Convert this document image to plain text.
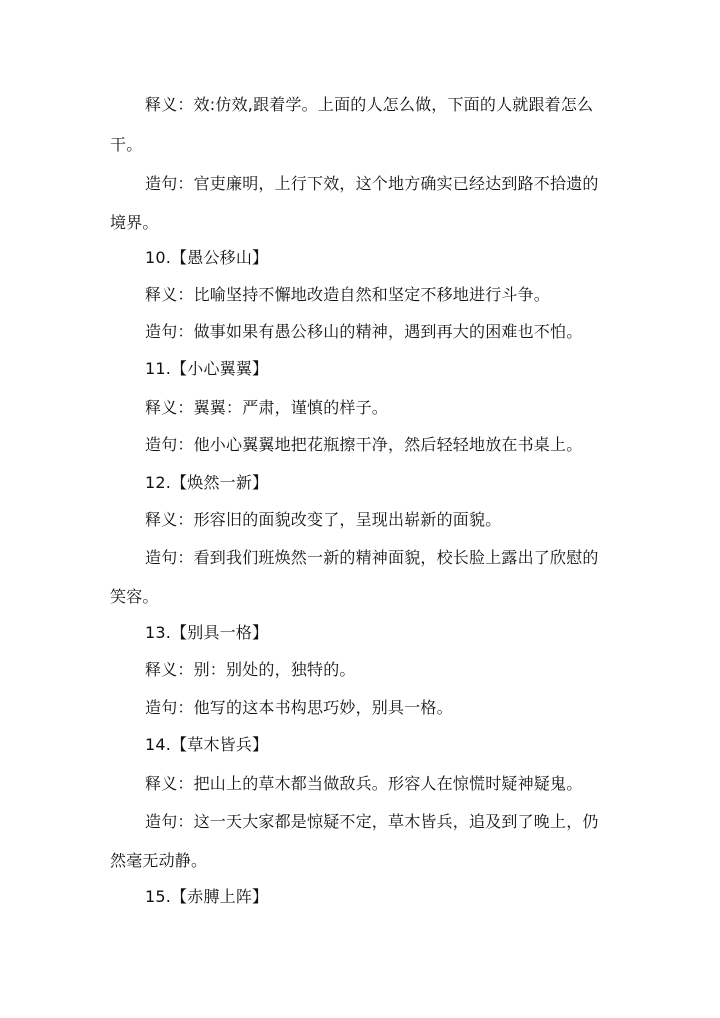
释义：效:仿效,跟着学。上面的人怎么做，下面的人就跟着怎么
干。
造句：官吏廉明，上行下效，这个地方确实已经达到路不拾遗的
境界。
10.【愚公移山】
释义：比喻坚持不懈地改造自然和坚定不移地进行斗争。
造句：做事如果有愚公移山的精神，遇到再大的困难也不怕。
11.【小心翼翼】
释义：翼翼：严肃，谨慎的样子。
造句：他小心翼翼地把花瓶擦干净，然后轻轻地放在书桌上。
12.【焕然一新】
释义：形容旧的面貌改变了，呈现出崭新的面貌。
造句：看到我们班焕然一新的精神面貌，校长脸上露出了欣慰的
笑容。
13.【别具一格】
释义：别：别处的，独特的。
造句：他写的这本书构思巧妙，别具一格。
14.【草木皆兵】
释义：把山上的草木都当做敌兵。形容人在惊慌时疑神疑鬼。
造句：这一天大家都是惊疑不定，草木皆兵，追及到了晚上，仍
然毫无动静。
15.【赤膊上阵】
